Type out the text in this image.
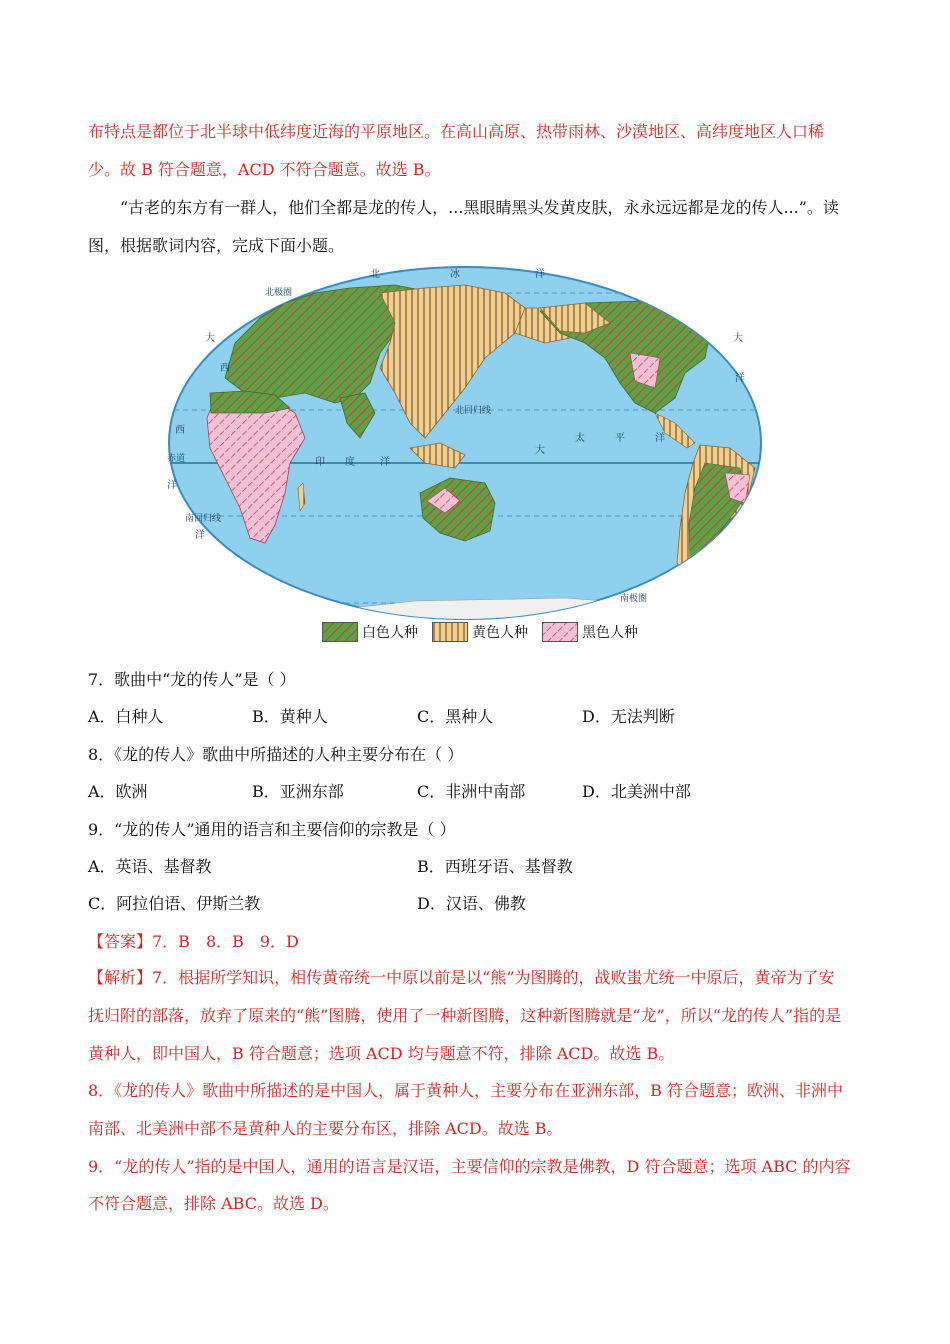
布特点是都位于北半球中低纬度近海的平原地区。在高山高原、热带雨林、沙漠地区、高纬度地区人口稀
少。故 B 符合题意，ACD 不符合题意。故选 B。
“古老的东方有一群人，他们全都是龙的传人，...黑眼睛黑头发黄皮肤，永永远远都是龙的传人...”。读
图，根据歌词内容，完成下面小题。
北极圈
北回归线
赤道
南回归线
南极圈
北	冰	洋
大	大
西
西
洋
洋
洋
印 度	洋
大
太	平	洋
白色人种	黄色人种	黑色人种
7．歌曲中“龙的传人”是（ ）
A．白种人	B．黄种人	C．黑种人	D．无法判断
8．《龙的传人》歌曲中所描述的人种主要分布在（ ）
A．欧洲	B．亚洲东部	C．非洲中南部	D．北美洲中部
9．“龙的传人”通用的语言和主要信仰的宗教是（ ）
A．英语、基督教	B．西班牙语、基督教
C．阿拉伯语、伊斯兰教	D．汉语、佛教
【答案】7．B　8．B　9．D
【解析】7．根据所学知识，相传黄帝统一中原以前是以“熊”为图腾的，战败蚩尤统一中原后，黄帝为了安
抚归附的部落，放弃了原来的“熊”图腾，使用了一种新图腾，这种新图腾就是“龙”，所以“龙的传人”指的是
黄种人，即中国人，B 符合题意；选项 ACD 均与题意不符，排除 ACD。故选 B。
8．《龙的传人》歌曲中所描述的是中国人，属于黄种人，主要分布在亚洲东部，B 符合题意；欧洲、非洲中
南部、北美洲中部不是黄种人的主要分布区，排除 ACD。故选 B。
9．“龙的传人”指的是中国人，通用的语言是汉语，主要信仰的宗教是佛教，D 符合题意；选项 ABC 的内容
不符合题意，排除 ABC。故选 D。
